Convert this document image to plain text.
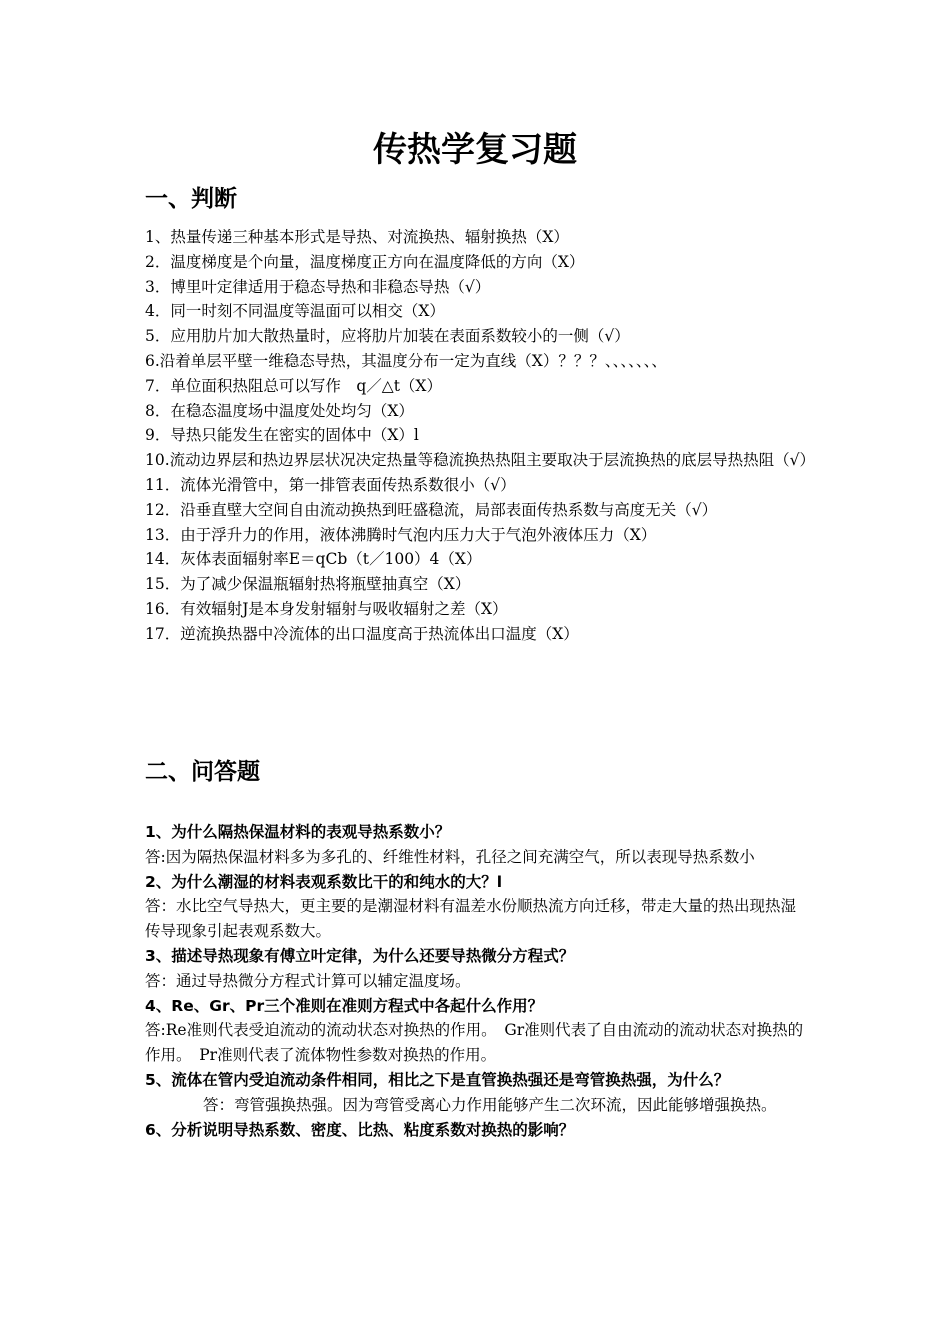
传热学复习题
一、判断
1、热量传递三种基本形式是导热、对流换热、辐射换热（X）
2．温度梯度是个向量，温度梯度正方向在温度降低的方向（X）
3．博里叶定律适用于稳态导热和非稳态导热（√）
4．同一时刻不同温度等温面可以相交（X）
5．应用肋片加大散热量时，应将肋片加装在表面系数较小的一侧（√）
6.沿着单层平壁一维稳态导热，其温度分布一定为直线（X）？？？、、、、、、、
7．单位面积热阻总可以写作　q／△t（X）
8．在稳态温度场中温度处处均匀（X）
9．导热只能发生在密实的固体中（X）l
10.流动边界层和热边界层状况决定热量等稳流换热热阻主要取决于层流换热的底层导热热阻（√）
11．流体光滑管中，第一排管表面传热系数很小（√）
12．沿垂直壁大空间自由流动换热到旺盛稳流，局部表面传热系数与高度无关（√）
13．由于浮升力的作用，液体沸腾时气泡内压力大于气泡外液体压力（X）
14．灰体表面辐射率E＝qCb（t／100）4（X）
15．为了减少保温瓶辐射热将瓶壁抽真空（X）
16．有效辐射J是本身发射辐射与吸收辐射之差（X）
17．逆流换热器中冷流体的出口温度高于热流体出口温度（X）
二、问答题
1、为什么隔热保温材料的表观导热系数小？
答:因为隔热保温材料多为多孔的、纤维性材料，孔径之间充满空气，所以表现导热系数小
2、为什么潮湿的材料表观系数比干的和纯水的大？l
答：水比空气导热大，更主要的是潮湿材料有温差水份顺热流方向迁移，带走大量的热出现热湿传导现象引起表观系数大。
3、描述导热现象有傅立叶定律，为什么还要导热微分方程式？
答：通过导热微分方程式计算可以辅定温度场。
4、Re、Gr、Pr三个准则在准则方程式中各起什么作用？
答:Re准则代表受迫流动的流动状态对换热的作用。　Gr准则代表了自由流动的流动状态对换热的作用。　Pr准则代表了流体物性参数对换热的作用。
5、流体在管内受迫流动条件相同，相比之下是直管换热强还是弯管换热强，为什么？
答：弯管强换热强。因为弯管受离心力作用能够产生二次环流，因此能够增强换热。
6、分析说明导热系数、密度、比热、粘度系数对换热的影响？
